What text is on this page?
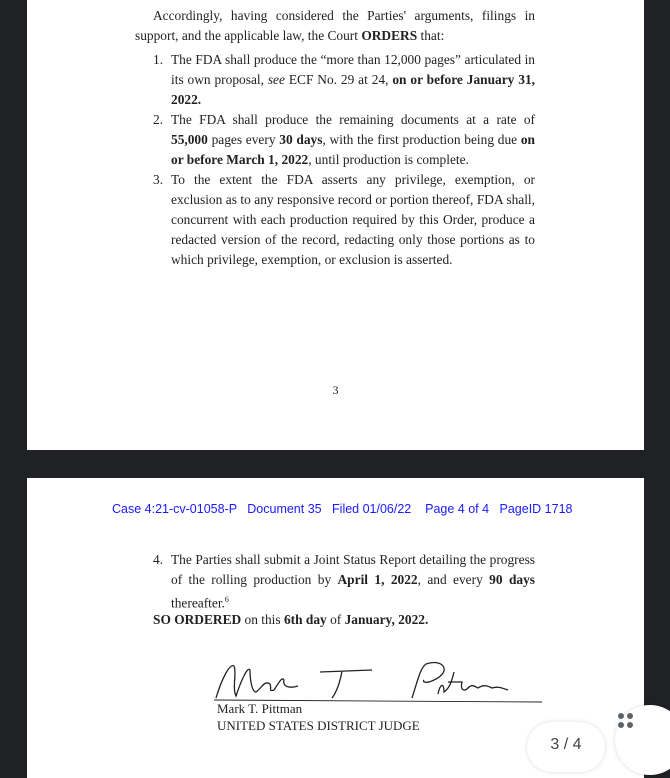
Accordingly, having considered the Parties' arguments, filings in support, and the applicable law, the Court ORDERS that:
1. The FDA shall produce the “more than 12,000 pages” articulated in its own proposal, see ECF No. 29 at 24, on or before January 31, 2022.
2. The FDA shall produce the remaining documents at a rate of 55,000 pages every 30 days, with the first production being due on or before March 1, 2022, until production is complete.
3. To the extent the FDA asserts any privilege, exemption, or exclusion as to any responsive record or portion thereof, FDA shall, concurrent with each production required by this Order, produce a redacted version of the record, redacting only those portions as to which privilege, exemption, or exclusion is asserted.
3
Case 4:21-cv-01058-P   Document 35   Filed 01/06/22    Page 4 of 4   PageID 1718
4. The Parties shall submit a Joint Status Report detailing the progress of the rolling production by April 1, 2022, and every 90 days thereafter.$^6$
SO ORDERED on this 6th day of January, 2022.
Mark T. Pittman
UNITED STATES DISTRICT JUDGE
3 / 4
